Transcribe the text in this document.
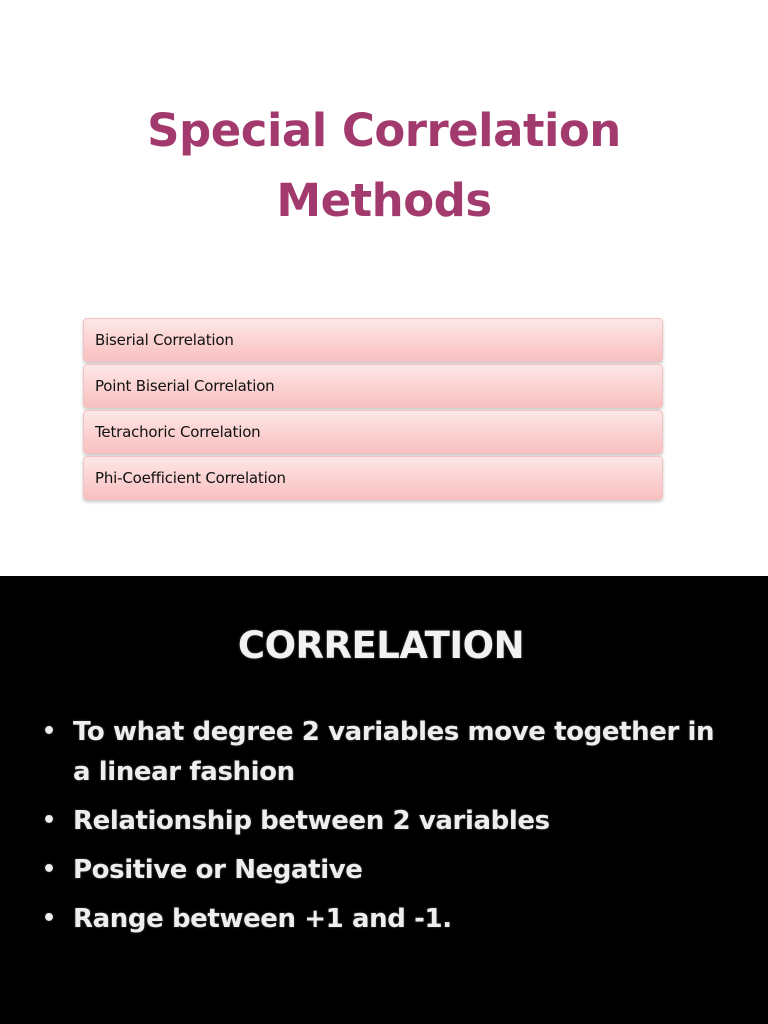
Special Correlation
Methods
Biserial Correlation
Point Biserial Correlation
Tetrachoric Correlation
Phi-Coefficient Correlation
CORRELATION
• To what degree 2 variables move together in a linear fashion
• Relationship between 2 variables
• Positive or Negative
• Range between +1 and -1.
